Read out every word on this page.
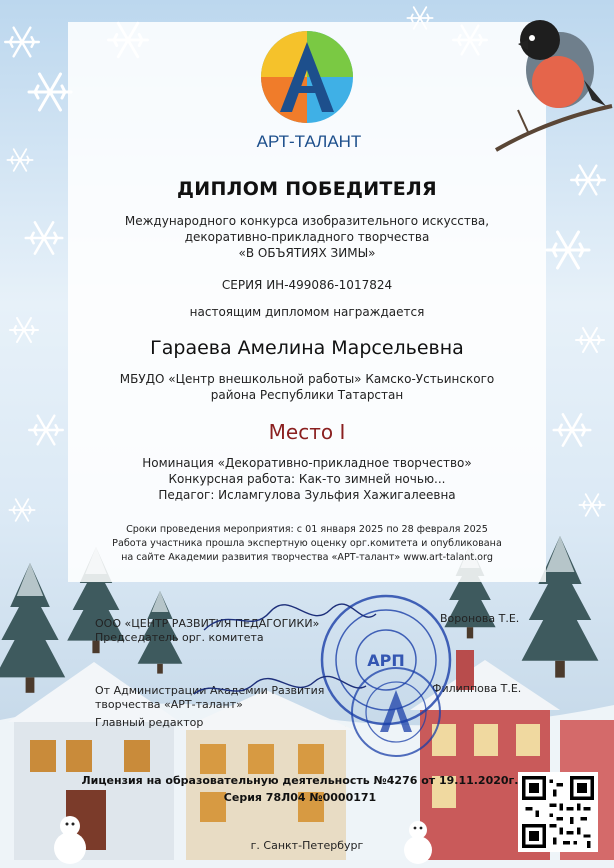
АРТ-ТАЛАНТ
ДИПЛОМ ПОБЕДИТЕЛЯ
Международного конкурса изобразительного искусства,
декоративно-прикладного творчества
«В ОБЪЯТИЯХ ЗИМЫ»
СЕРИЯ ИН-499086-1017824
настоящим дипломом награждается
Гараева Амелина Марсельевна
МБУДО «Центр внешкольной работы» Камско-Устьинского
района Республики Татарстан
Место I
Номинация «Декоративно-прикладное творчество»
Конкурсная работа: Как-то зимней ночью...
Педагог: Исламгулова Зульфия Хажигалеевна
Сроки проведения мероприятия: с 01 января 2025 по 28 февраля 2025
Работа участника прошла экспертную оценку орг.комитета и опубликована
на сайте Академии развития творчества «АРТ-талант» www.art-talant.org
ООО «ЦЕНТР РАЗВИТИЯ ПЕДАГОГИКИ»
Председатель орг. комитета
Воронова Т.Е.
От Администрации Академии Развития
творчества «АРТ-талант»
Главный редактор
Филиппова Т.Е.
АРП
Лицензия на образовательную деятельность №4276 от 19.11.2020г.
Серия 78Л04 №0000171
г. Санкт-Петербург
